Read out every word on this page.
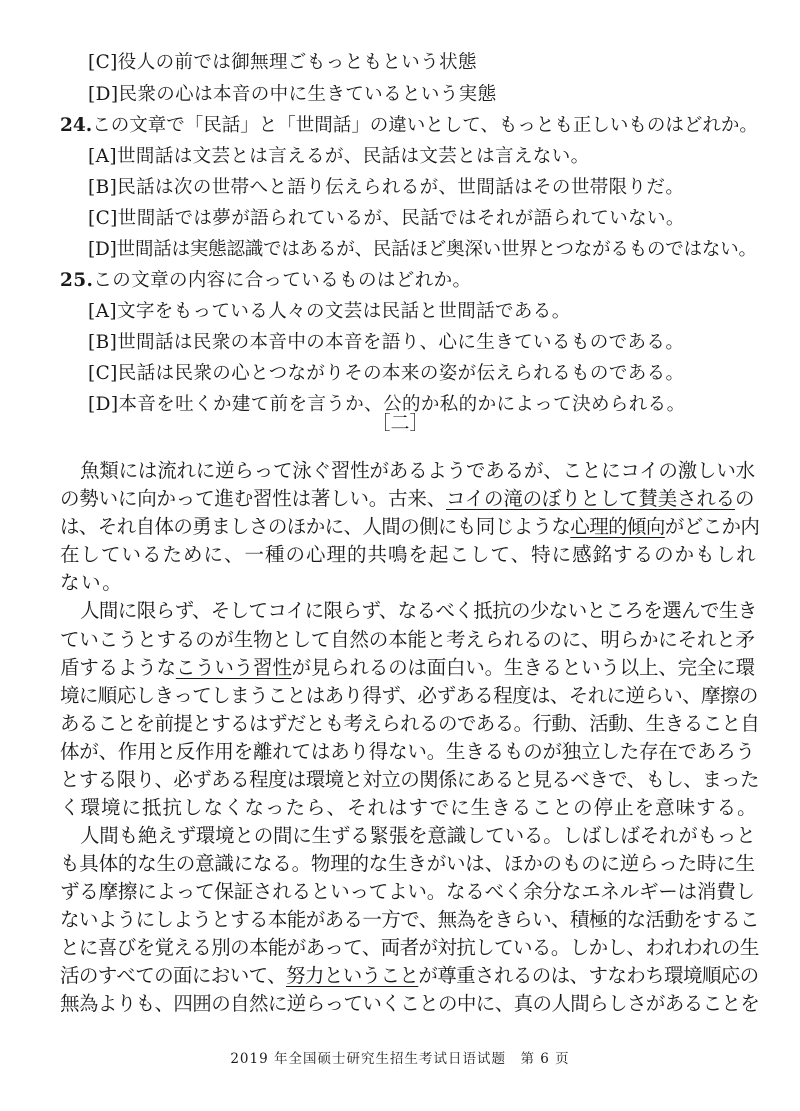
[C]役人の前では御無理ごもっともという状態
[D]民衆の心は本音の中に生きているという実態
24.この文章で「民話」と「世間話」の違いとして、もっとも正しいものはどれか。
[A]世間話は文芸とは言えるが、民話は文芸とは言えない。
[B]民話は次の世帯へと語り伝えられるが、世間話はその世帯限りだ。
[C]世間話では夢が語られているが、民話ではそれが語られていない。
[D]世間話は実態認識ではあるが、民話ほど奥深い世界とつながるものではない。
25.この文章の内容に合っているものはどれか。
[A]文字をもっている人々の文芸は民話と世間話である。
[B]世間話は民衆の本音中の本音を語り、心に生きているものである。
[C]民話は民衆の心とつながりその本来の姿が伝えられるものである。
[D]本音を吐くか建て前を言うか、公的か私的かによって決められる。
［二］
魚類には流れに逆らって泳ぐ習性があるようであるが、ことにコイの激しい水
の勢いに向かって進む習性は著しい。古来、コイの滝のぼりとして賛美されるの
は、それ自体の勇ましさのほかに、人間の側にも同じような心理的傾向がどこか内
在しているために、一種の心理的共鳴を起こして、特に感銘するのかもしれ
ない。
人間に限らず、そしてコイに限らず、なるべく抵抗の少ないところを選んで生き
ていこうとするのが生物として自然の本能と考えられるのに、明らかにそれと矛
盾するようなこういう習性が見られるのは面白い。生きるという以上、完全に環
境に順応しきってしまうことはあり得ず、必ずある程度は、それに逆らい、摩擦の
あることを前提とするはずだとも考えられるのである。行動、活動、生きること自
体が、作用と反作用を離れてはあり得ない。生きるものが独立した存在であろう
とする限り、必ずある程度は環境と対立の関係にあると見るべきで、もし、まった
く環境に抵抗しなくなったら、それはすでに生きることの停止を意味する。
人間も絶えず環境との間に生ずる緊張を意識している。しばしばそれがもっと
も具体的な生の意識になる。物理的な生きがいは、ほかのものに逆らった時に生
ずる摩擦によって保証されるといってよい。なるべく余分なエネルギーは消費し
ないようにしようとする本能がある一方で、無為をきらい、積極的な活動をするこ
とに喜びを覚える別の本能があって、両者が対抗している。しかし、われわれの生
活のすべての面において、努力ということが尊重されるのは、すなわち環境順応の
無為よりも、四囲の自然に逆らっていくことの中に、真の人間らしさがあることを
2019 年全国硕士研究生招生考试日语试题　第 6 页
